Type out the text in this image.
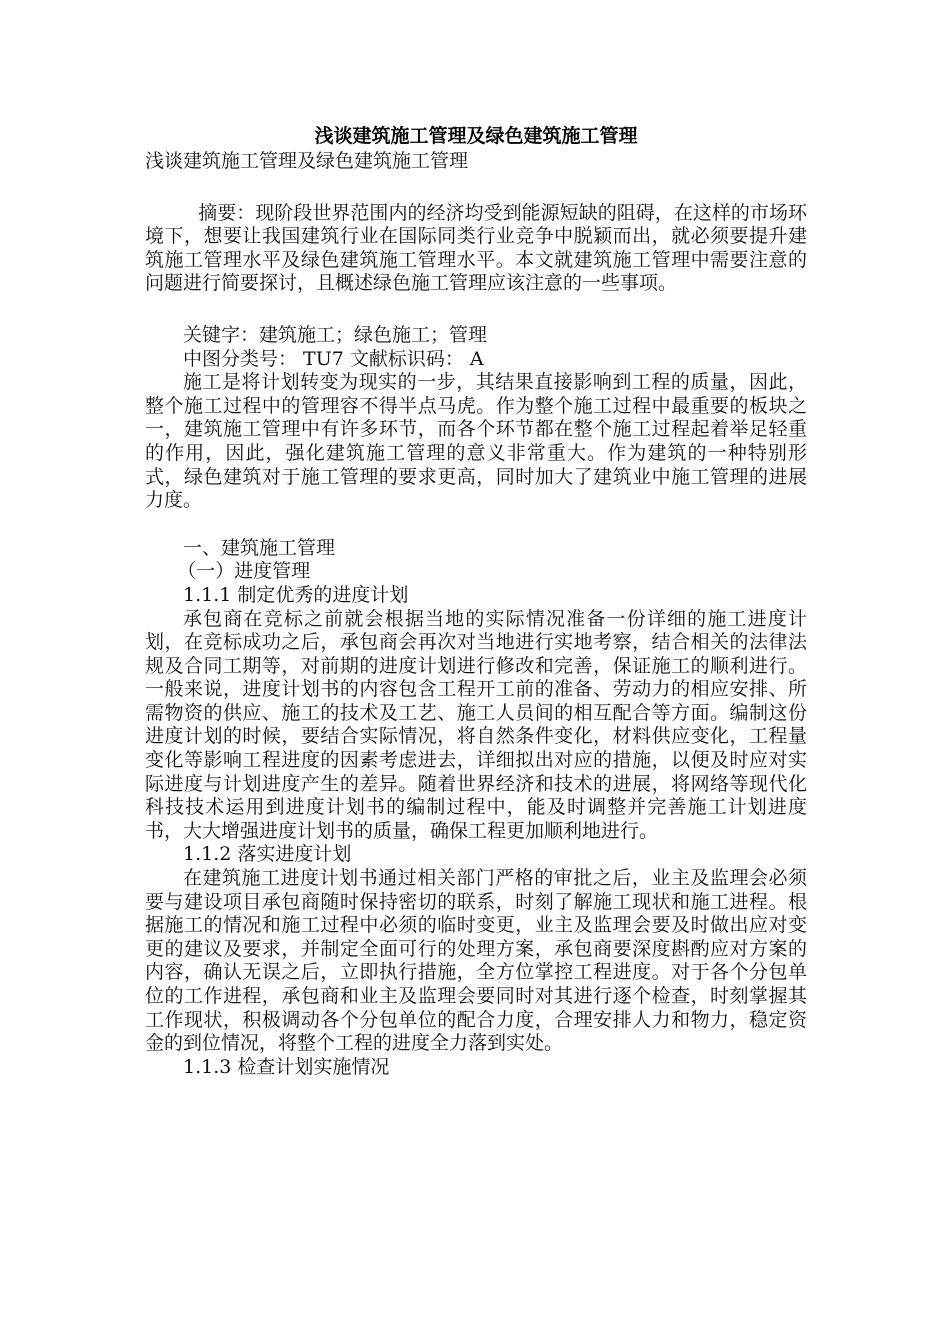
浅谈建筑施工管理及绿色建筑施工管理

浅谈建筑施工管理及绿色建筑施工管理

摘要：现阶段世界范围内的经济均受到能源短缺的阻碍，在这样的市场环境下，想要让我国建筑行业在国际同类行业竞争中脱颖而出，就必须要提升建筑施工管理水平及绿色建筑施工管理水平。本文就建筑施工管理中需要注意的问题进行简要探讨，且概述绿色施工管理应该注意的一些事项。

关键字：建筑施工；绿色施工；管理

中图分类号： TU7 文献标识码： A

施工是将计划转变为现实的一步，其结果直接影响到工程的质量，因此，整个施工过程中的管理容不得半点马虎。作为整个施工过程中最重要的板块之一，建筑施工管理中有许多环节，而各个环节都在整个施工过程起着举足轻重的作用，因此，强化建筑施工管理的意义非常重大。作为建筑的一种特别形式，绿色建筑对于施工管理的要求更高，同时加大了建筑业中施工管理的进展力度。

一、建筑施工管理

（一）进度管理

1.1.1 制定优秀的进度计划

承包商在竞标之前就会根据当地的实际情况准备一份详细的施工进度计划，在竞标成功之后，承包商会再次对当地进行实地考察，结合相关的法律法规及合同工期等，对前期的进度计划进行修改和完善，保证施工的顺利进行。一般来说，进度计划书的内容包含工程开工前的准备、劳动力的相应安排、所需物资的供应、施工的技术及工艺、施工人员间的相互配合等方面。编制这份进度计划的时候，要结合实际情况，将自然条件变化，材料供应变化，工程量变化等影响工程进度的因素考虑进去，详细拟出对应的措施，以便及时应对实际进度与计划进度产生的差异。随着世界经济和技术的进展，将网络等现代化科技技术运用到进度计划书的编制过程中，能及时调整并完善施工计划进度书，大大增强进度计划书的质量，确保工程更加顺利地进行。

1.1.2 落实进度计划

在建筑施工进度计划书通过相关部门严格的审批之后，业主及监理会必须要与建设项目承包商随时保持密切的联系，时刻了解施工现状和施工进程。根据施工的情况和施工过程中必须的临时变更，业主及监理会要及时做出应对变更的建议及要求，并制定全面可行的处理方案，承包商要深度斟酌应对方案的内容，确认无误之后，立即执行措施，全方位掌控工程进度。对于各个分包单位的工作进程，承包商和业主及监理会要同时对其进行逐个检查，时刻掌握其工作现状，积极调动各个分包单位的配合力度，合理安排人力和物力，稳定资金的到位情况，将整个工程的进度全力落到实处。

1.1.3 检查计划实施情况
